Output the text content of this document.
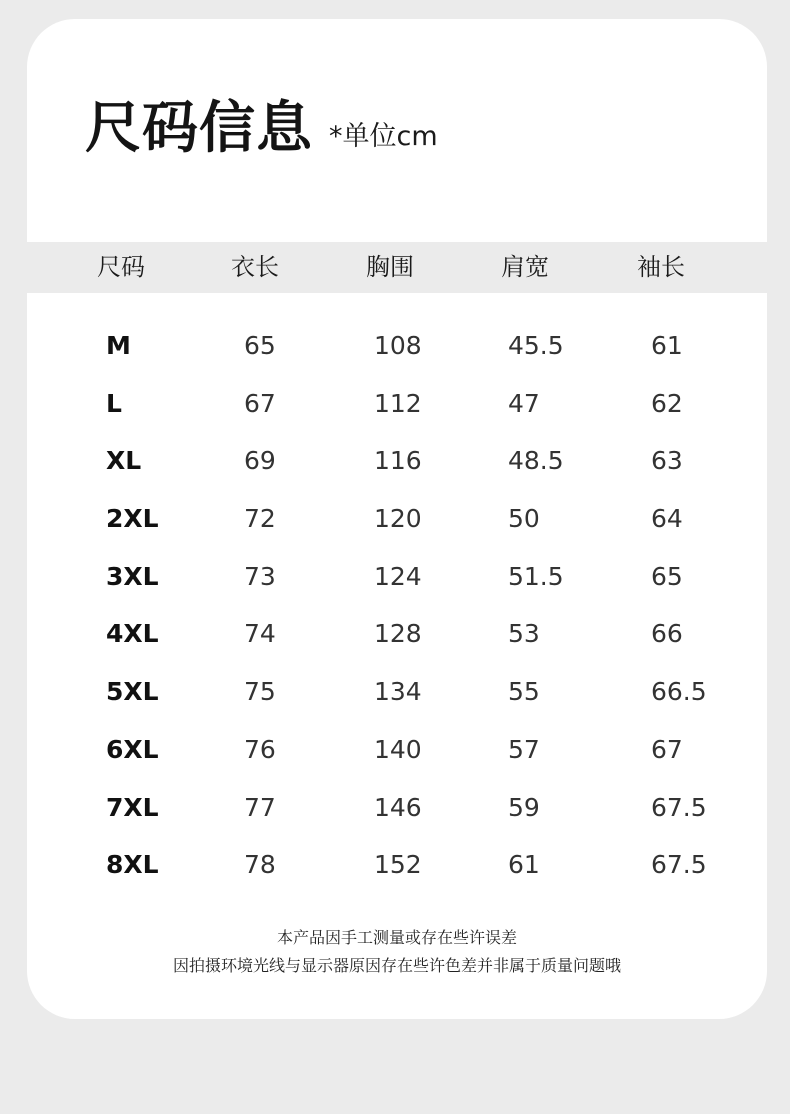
尺码信息 *单位cm
尺码	衣长	胸围	肩宽	袖长
M	65	108	45.5	61
L	67	112	47	62
XL	69	116	48.5	63
2XL	72	120	50	64
3XL	73	124	51.5	65
4XL	74	128	53	66
5XL	75	134	55	66.5
6XL	76	140	57	67
7XL	77	146	59	67.5
8XL	78	152	61	67.5
本产品因手工测量或存在些许误差
因拍摄环境光线与显示器原因存在些许色差并非属于质量问题哦
